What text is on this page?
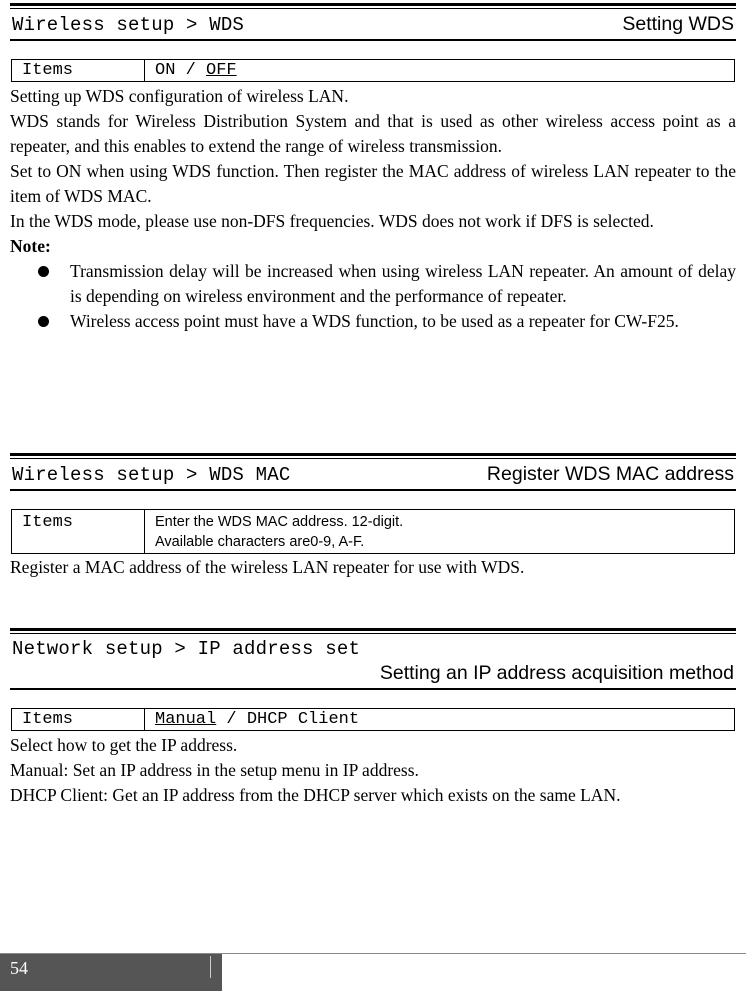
Wireless setup > WDS	Setting WDS
Items	ON / OFF

Setting up WDS configuration of wireless LAN.

WDS stands for Wireless Distribution System and that is used as other wireless access point as a repeater, and this enables to extend the range of wireless transmission.

Set to ON when using WDS function. Then register the MAC address of wireless LAN repeater to the item of WDS MAC.

In the WDS mode, please use non-DFS frequencies. WDS does not work if DFS is selected.

Note:

Transmission delay will be increased when using wireless LAN repeater. An amount of delay is depending on wireless environment and the performance of repeater.
Wireless access point must have a WDS function, to be used as a repeater for CW-F25.
Wireless setup > WDS MAC	Register WDS MAC address
Items	Enter the WDS MAC address. 12-digit.
Available characters are0-9, A-F.

Register a MAC address of the wireless LAN repeater for use with WDS.

Network setup > IP address set
Setting an IP address acquisition method
Items	Manual / DHCP Client

Select how to get the IP address.

Manual: Set an IP address in the setup menu in IP address.

DHCP Client: Get an IP address from the DHCP server which exists on the same LAN.

54
